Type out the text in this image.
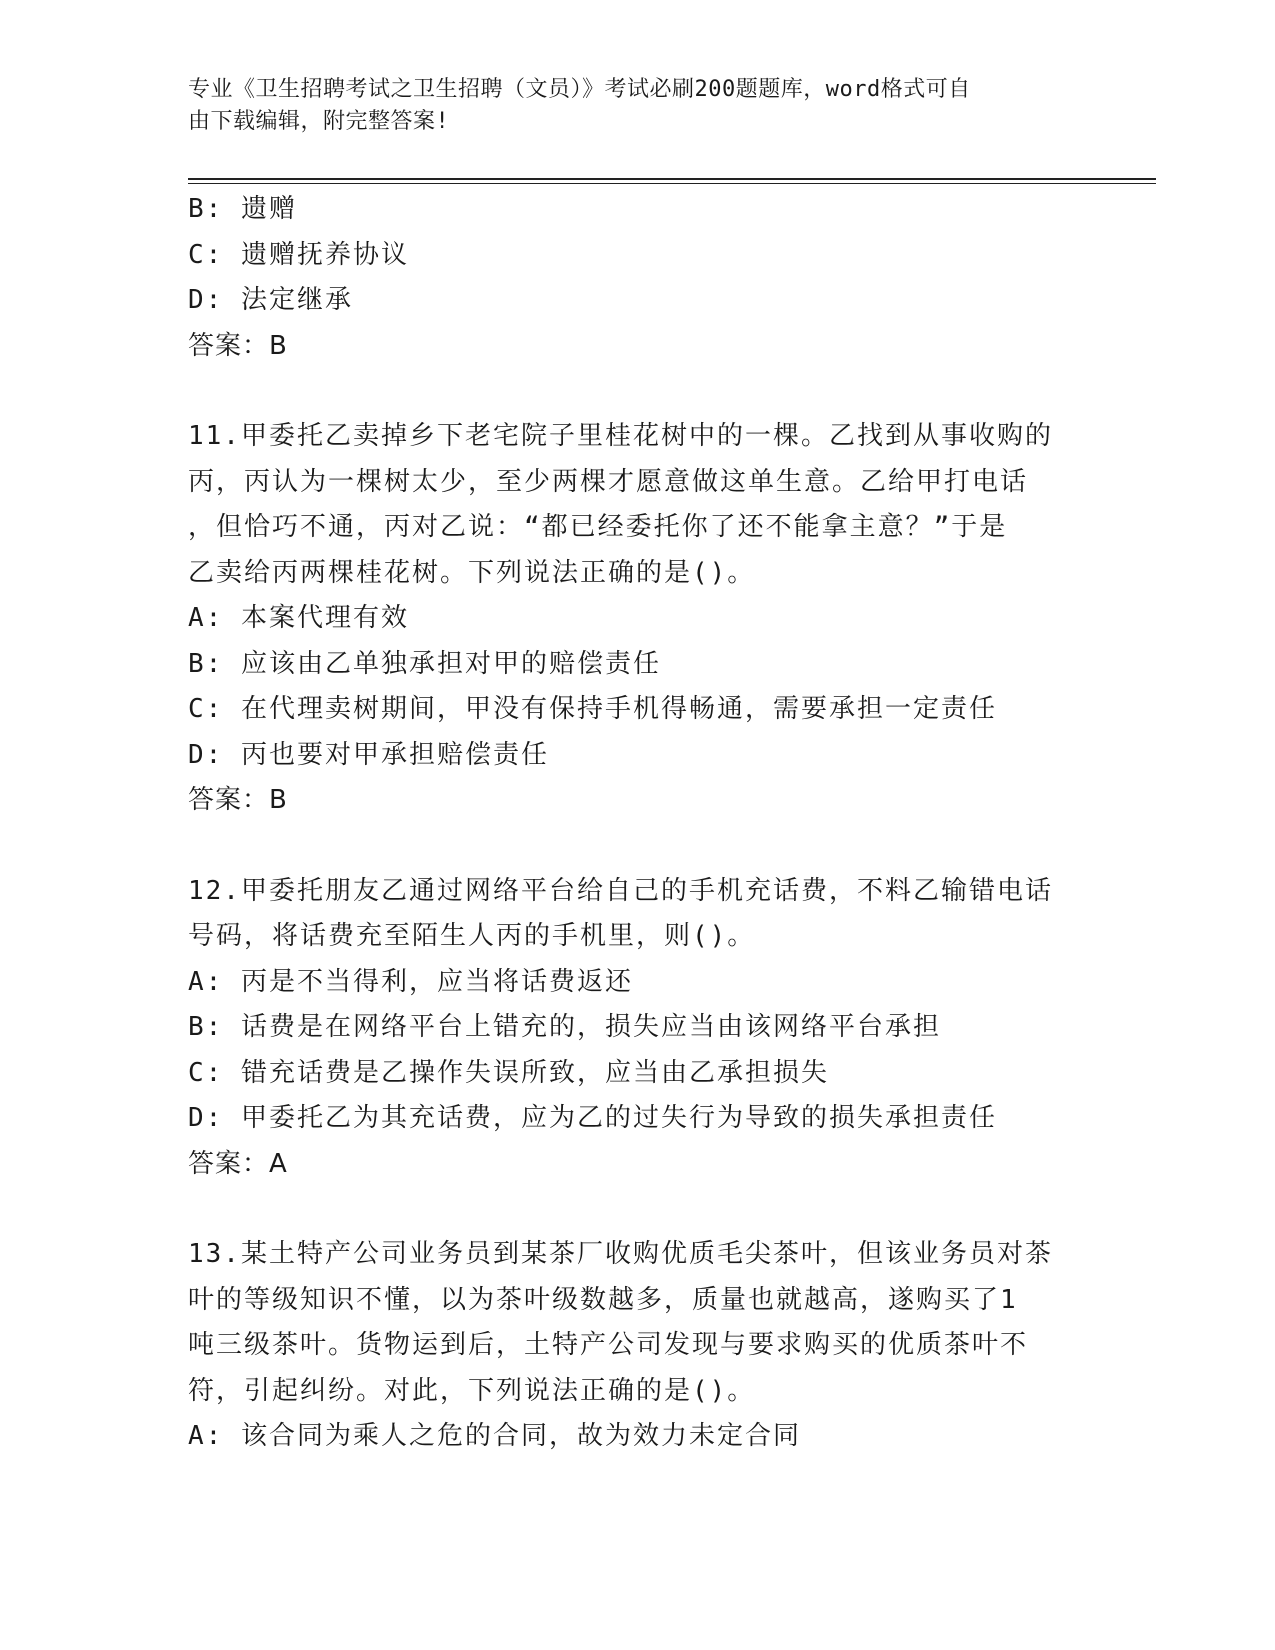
专业《卫生招聘考试之卫生招聘（文员）》考试必刷200题题库，word格式可自
由下载编辑，附完整答案!
B: 遗赠
C: 遗赠抚养协议
D: 法定继承
答案：B
11.甲委托乙卖掉乡下老宅院子里桂花树中的一棵。乙找到从事收购的
丙，丙认为一棵树太少，至少两棵才愿意做这单生意。乙给甲打电话
，但恰巧不通，丙对乙说：“都已经委托你了还不能拿主意？”于是
乙卖给丙两棵桂花树。下列说法正确的是()。
A: 本案代理有效
B: 应该由乙单独承担对甲的赔偿责任
C: 在代理卖树期间，甲没有保持手机得畅通，需要承担一定责任
D: 丙也要对甲承担赔偿责任
答案：B
12.甲委托朋友乙通过网络平台给自己的手机充话费，不料乙输错电话
号码，将话费充至陌生人丙的手机里，则()。
A: 丙是不当得利，应当将话费返还
B: 话费是在网络平台上错充的，损失应当由该网络平台承担
C: 错充话费是乙操作失误所致，应当由乙承担损失
D: 甲委托乙为其充话费，应为乙的过失行为导致的损失承担责任
答案：A
13.某土特产公司业务员到某茶厂收购优质毛尖茶叶，但该业务员对茶
叶的等级知识不懂，以为茶叶级数越多，质量也就越高，遂购买了1
吨三级茶叶。货物运到后，土特产公司发现与要求购买的优质茶叶不
符，引起纠纷。对此，下列说法正确的是()。
A: 该合同为乘人之危的合同，故为效力未定合同
